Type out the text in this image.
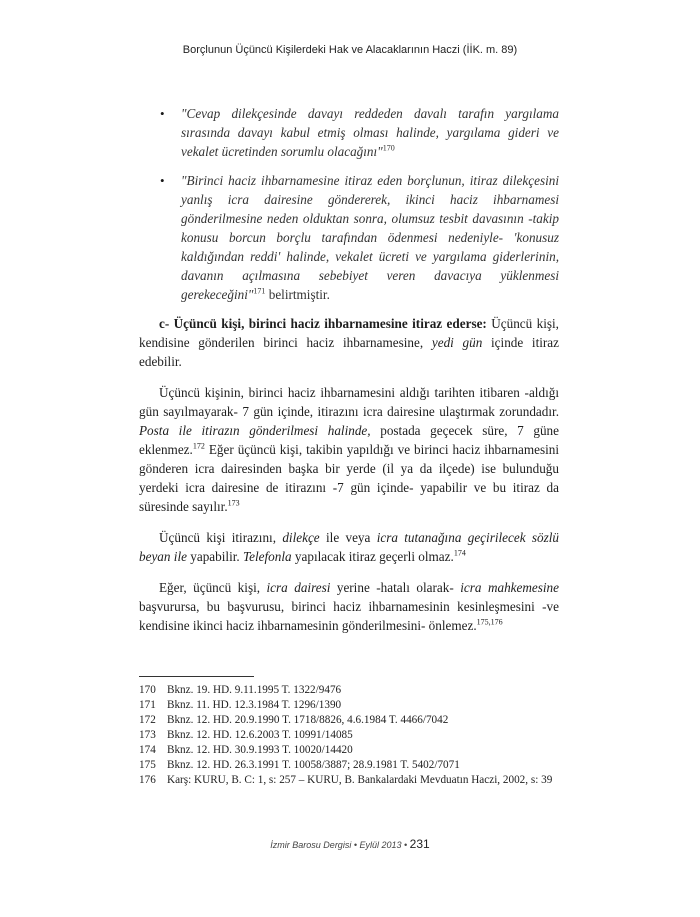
Borçlunun Üçüncü Kişilerdeki Hak ve Alacaklarının Haczi (İİK. m. 89)
• "Cevap dilekçesinde davayı reddeden davalı tarafın yargılama sırasında davayı kabul etmiş olması halinde, yargılama gideri ve vekalet ücretinden sorumlu olacağını"$^{170}$
• "Birinci haciz ihbarnamesine itiraz eden borçlunun, itiraz dilekçesini yanlış icra dairesine göndererek, ikinci haciz ihbarnamesi gönderilmesine neden olduktan sonra, olumsuz tesbit davasının -takip konusu borcun borçlu tarafından ödenmesi nedeniyle- 'konusuz kaldığından reddi' halinde, vekalet ücreti ve yargılama giderlerinin, davanın açılmasına sebebiyet veren davacıya yüklenmesi gerekeceğini"$^{171}$ belirtmiştir.

c- Üçüncü kişi, birinci haciz ihbarnamesine itiraz ederse: Üçüncü kişi, kendisine gönderilen birinci haciz ihbarnamesine, yedi gün içinde itiraz edebilir.

Üçüncü kişinin, birinci haciz ihbarnamesini aldığı tarihten itibaren -aldığı gün sayılmayarak- 7 gün içinde, itirazını icra dairesine ulaştırmak zorundadır. Posta ile itirazın gönderilmesi halinde, postada geçecek süre, 7 güne eklenmez.$^{172}$ Eğer üçüncü kişi, takibin yapıldığı ve birinci haciz ihbarnamesini gönderen icra dairesinden başka bir yerde (il ya da ilçede) ise bulunduğu yerdeki icra dairesine de itirazını -7 gün içinde- yapabilir ve bu itiraz da süresinde sayılır.$^{173}$

Üçüncü kişi itirazını, dilekçe ile veya icra tutanağına geçirilecek sözlü beyan ile yapabilir. Telefonla yapılacak itiraz geçerli olmaz.$^{174}$

Eğer, üçüncü kişi, icra dairesi yerine -hatalı olarak- icra mahkemesine başvurursa, bu başvurusu, birinci haciz ihbarnamesinin kesinleşmesini -ve kendisine ikinci haciz ihbarnamesinin gönderilmesini- önlemez.$^{175,176}$

170	Bknz. 19. HD. 9.11.1995 T. 1322/9476
171	Bknz. 11. HD. 12.3.1984 T. 1296/1390
172	Bknz. 12. HD. 20.9.1990 T. 1718/8826, 4.6.1984 T. 4466/7042
173	Bknz. 12. HD. 12.6.2003 T. 10991/14085
174	Bknz. 12. HD. 30.9.1993 T. 10020/14420
175	Bknz. 12. HD. 26.3.1991 T. 10058/3887; 28.9.1981 T. 5402/7071
176	Karş: KURU, B. C: 1, s: 257 – KURU, B. Bankalardaki Mevduatın Haczi, 2002, s: 39
İzmir Barosu Dergisi • Eylül 2013 • 231
